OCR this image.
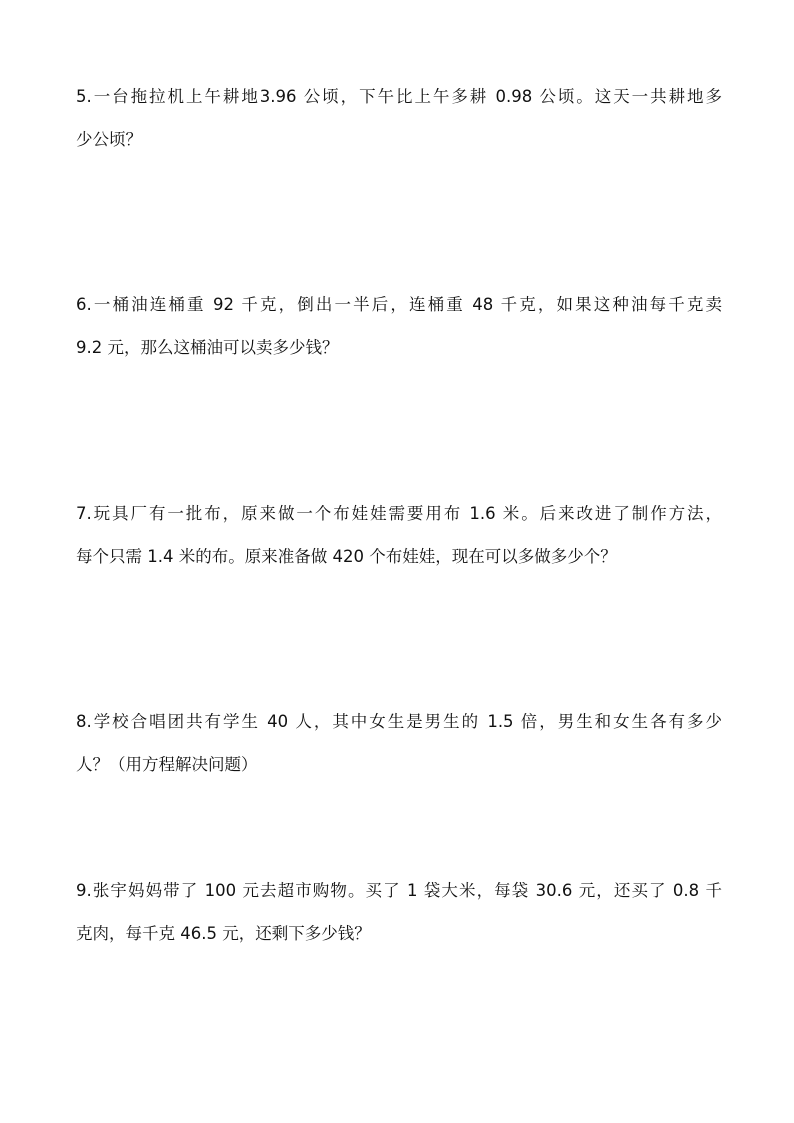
5.一台拖拉机上午耕地3.96 公顷，下午比上午多耕 0.98 公顷。这天一共耕地多
少公顷？
6.一桶油连桶重 92 千克，倒出一半后，连桶重 48 千克，如果这种油每千克卖
9.2 元，那么这桶油可以卖多少钱？
7.玩具厂有一批布，原来做一个布娃娃需要用布 1.6 米。后来改进了制作方法，
每个只需 1.4 米的布。原来准备做 420 个布娃娃，现在可以多做多少个？
8.学校合唱团共有学生 40 人，其中女生是男生的 1.5 倍，男生和女生各有多少
人？（用方程解决问题）
9.张宇妈妈带了 100 元去超市购物。买了 1 袋大米，每袋 30.6 元，还买了 0.8 千
克肉，每千克 46.5 元，还剩下多少钱？
